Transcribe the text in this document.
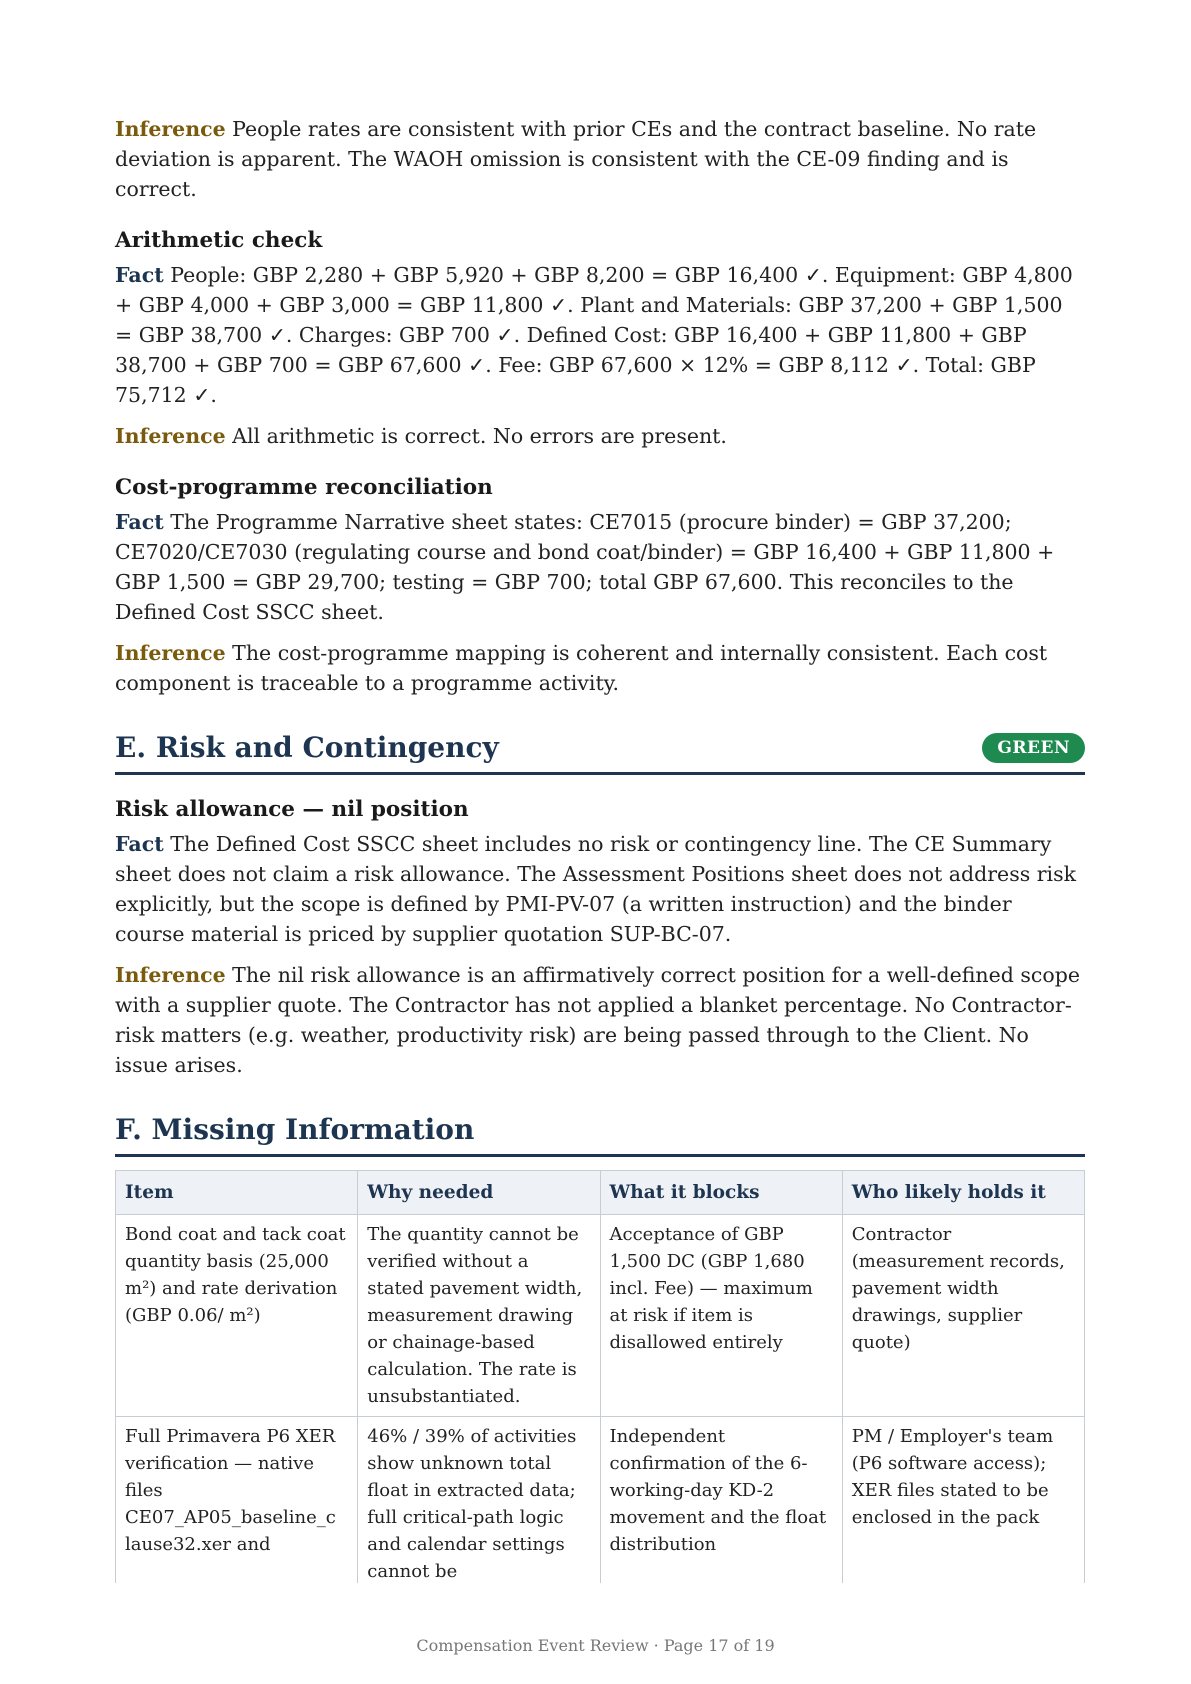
Inference People rates are consistent with prior CEs and the contract baseline. No rate deviation is apparent. The WAOH omission is consistent with the CE-09 finding and is correct.

Arithmetic check

Fact People: GBP 2,280 + GBP 5,920 + GBP 8,200 = GBP 16,400 ✓. Equipment: GBP 4,800 + GBP 4,000 + GBP 3,000 = GBP 11,800 ✓. Plant and Materials: GBP 37,200 + GBP 1,500 = GBP 38,700 ✓. Charges: GBP 700 ✓. Defined Cost: GBP 16,400 + GBP 11,800 + GBP 38,700 + GBP 700 = GBP 67,600 ✓. Fee: GBP 67,600 × 12% = GBP 8,112 ✓. Total: GBP 75,712 ✓.

Inference All arithmetic is correct. No errors are present.

Cost-programme reconciliation

Fact The Programme Narrative sheet states: CE7015 (procure binder) = GBP 37,200; CE7020/CE7030 (regulating course and bond coat/binder) = GBP 16,400 + GBP 11,800 + GBP 1,500 = GBP 29,700; testing = GBP 700; total GBP 67,600. This reconciles to the Defined Cost SSCC sheet.

Inference The cost-programme mapping is coherent and internally consistent. Each cost component is traceable to a programme activity.

E. Risk and Contingency	GREEN
Risk allowance — nil position

Fact The Defined Cost SSCC sheet includes no risk or contingency line. The CE Summary sheet does not claim a risk allowance. The Assessment Positions sheet does not address risk explicitly, but the scope is defined by PMI-PV-07 (a written instruction) and the binder course material is priced by supplier quotation SUP-BC-07.

Inference The nil risk allowance is an affirmatively correct position for a well-defined scope with a supplier quote. The Contractor has not applied a blanket percentage. No Contractor-risk matters (e.g. weather, productivity risk) are being passed through to the Client. No issue arises.

F. Missing Information
Item	Why needed	What it blocks	Who likely holds it
Bond coat and tack coat quantity basis (25,000 m²) and rate derivation (GBP 0.06/ m²)	The quantity cannot be verified without a stated pavement width, measurement drawing or chainage-based calculation. The rate is unsubstantiated.	Acceptance of GBP 1,500 DC (GBP 1,680 incl. Fee) — maximum at risk if item is disallowed entirely	Contractor (measurement records, pavement width drawings, supplier quote)
Full Primavera P6 XER verification — native files CE07_AP05_baseline_c lause32.xer and	46% / 39% of activities show unknown total float in extracted data; full critical-path logic and calendar settings cannot be	Independent confirmation of the 6-working-day KD-2 movement and the float distribution	PM / Employer's team (P6 software access); XER files stated to be enclosed in the pack
Compensation Event Review · Page 17 of 19
